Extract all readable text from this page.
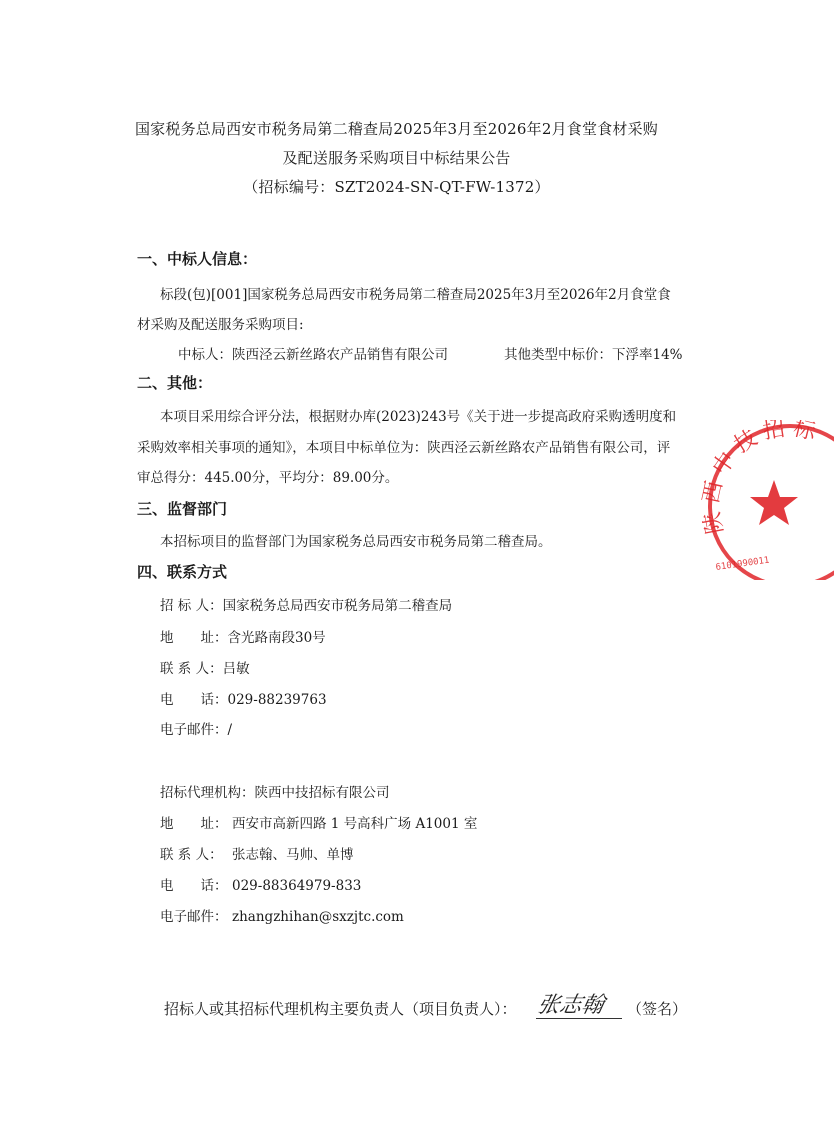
国家税务总局西安市税务局第二稽查局2025年3月至2026年2月食堂食材采购
及配送服务采购项目中标结果公告
（招标编号：SZT2024-SN-QT-FW-1372）
一、中标人信息：
标段(包)[001]国家税务总局西安市税务局第二稽查局2025年3月至2026年2月食堂食
材采购及配送服务采购项目:
中标人：陕西泾云新丝路农产品销售有限公司	其他类型中标价：下浮率14%
二、其他：
本项目采用综合评分法，根据财办库(2023)243号《关于进一步提高政府采购透明度和
采购效率相关事项的通知》，本项目中标单位为：陕西泾云新丝路农产品销售有限公司，评
审总得分：445.00分，平均分：89.00分。
三、监督部门
本招标项目的监督部门为国家税务总局西安市税务局第二稽查局。
四、联系方式
招 标 人：国家税务总局西安市税务局第二稽查局
地　　址：含光路南段30号
联 系 人：吕敏
电　　话：029-88239763
电子邮件：/
招标代理机构：陕西中技招标有限公司
地　　址： 西安市高新四路 1 号高科广场 A1001 室
联 系 人： 张志翰、马帅、单博
电　　话： 029-88364979-833
电子邮件： zhangzhihan@sxzjtc.com
招标人或其招标代理机构主要负责人（项目负责人）： 张志翰 （签名）
陕西中技招标
6101990011
